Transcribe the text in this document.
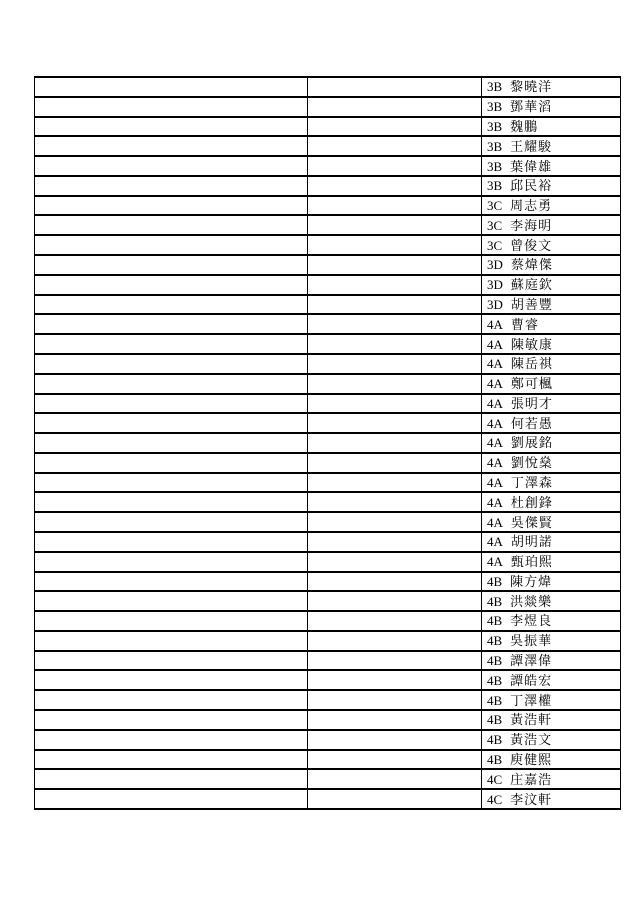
		3B 黎曉洋
		3B 鄧華滔
		3B 魏鵬
		3B 王耀駿
		3B 葉偉雄
		3B 邱民裕
		3C 周志勇
		3C 李海明
		3C 曾俊文
		3D 蔡煒傑
		3D 蘇庭欽
		3D 胡善豐
		4A 曹睿
		4A 陳敏康
		4A 陳岳祺
		4A 鄭可楓
		4A 張明才
		4A 何若愚
		4A 劉展銘
		4A 劉悅燊
		4A 丁澤森
		4A 杜創鋒
		4A 吳傑賢
		4A 胡明諾
		4A 甄珀熙
		4B 陳方煒
		4B 洪燚樂
		4B 李煜良
		4B 吳振華
		4B 譚澤偉
		4B 譚皓宏
		4B 丁澤權
		4B 黃浩軒
		4B 黃浩文
		4B 庾健熙
		4C 庄嘉浩
		4C 李汶軒
